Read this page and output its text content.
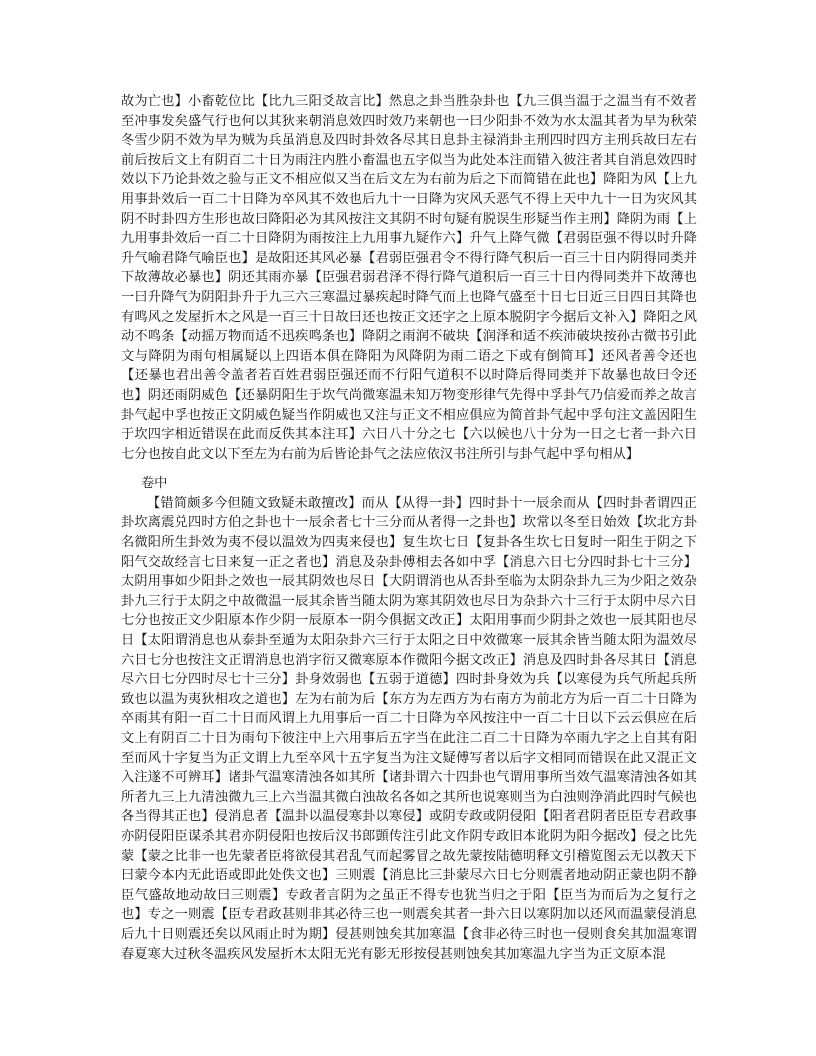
故为亡也】小畜乾位比【比九三阳爻故言比】然息之卦当胜杂卦也【九三俱当温于之温当有不效者至冲事发矣盛气行也何以其狄来朝消息效四时效乃来朝也一曰少阳卦不效为水太温其者为早为秋荣冬雪少阴不效为早为贼为兵虽消息及四时卦效各尽其日息卦主禄消卦主刑四时四方主刑兵故曰左右前后按后文上有阴百二十日为雨注内胜小畜温也五字似当为此处本注而错入彼注者其自消息效四时效以下乃论卦效之验与正文不相应似又当在后文左为右前为后之下而简错在此也】降阳为风【上九用事卦效后一百二十日降为卒风其不效也后九十一日降为灾风夭恶气不得上天中九十一日为灾风其阴不时卦四方生形也故曰降阳必为其风按注文其阴不时句疑有脱误生形疑当作主刑】降阴为雨【上九用事卦效后一百二十日降阴为雨按注上九用事九疑作六】升气上降气微【君弱臣强不得以时升降升气喻君降气喻臣也】是故阳还其风必暴【君弱臣强君令不得行降气积后一百三十日内阴得同类并下故薄故必暴也】阴还其雨亦暴【臣强君弱君泽不得行降气道积后一百三十日内得同类并下故薄也一曰升降气为阴阳卦升于九三六三寒温过暴疾起时降气而上也降气盛至十日七日近三日四日其降也有鸣风之发屋折木之风是一百三十日故曰还也按正文还字之上原本脱阴字今据后文补入】降阳之风动不鸣条【动摇万物而适不迅疾鸣条也】降阴之雨润不破块【润泽和适不疾沛破块按孙古微书引此文与降阴为雨句相属疑以上四语本俱在降阳为风降阴为雨二语之下或有倒简耳】还风者善令还也【还暴也君出善令盖者若百姓君弱臣强还而不行阳气道积不以时降后得同类并下故暴也故曰令还也】阴还雨阴威色【还暴阴阳生于坎气尚微寒温未知万物变形律气先得中孚卦气乃信爱而养之故言卦气起中孚也按正文阴威色疑当作阴威也又注与正文不相应俱应为简首卦气起中孚句注文盖因阳生于坎四字相近错误在此而反佚其本注耳】六日八十分之七【六以候也八十分为一日之七者一卦六日七分也按自此文以下至左为右前为后皆论卦气之法应依汉书注所引与卦气起中孚句相从】

卷中

【错简颇多今但随文致疑未敢擅改】而从【从得一卦】四时卦十一辰余而从【四时卦者谓四正卦坎离震兑四时方伯之卦也十一辰余者七十三分而从者得一之卦也】坎常以冬至日始效【坎北方卦名微阳所生卦效为夷不侵以温效为四夷来侵也】复生坎七日【复卦各生坎七日复时一阳生于阴之下阳气交故经言七日来复一正之者也】消息及杂卦傅相去各如中孚【消息六日七分四时卦七十三分】太阴用事如少阳卦之效也一辰其阴效也尽日【大阴谓消也从否卦至临为太阴杂卦九三为少阳之效杂卦九三行于太阴之中故微温一辰其余皆当随太阴为寒其阴效也尽日为杂卦六十三行于太阴中尽六日七分也按正文少阳原本作少阴一辰原本一阴今俱据文改正】太阳用事而少阴卦之效也一辰其阳也尽日【太阳谓消息也从泰卦至遁为太阳杂卦六三行于太阳之日中效微寒一辰其余皆当随太阳为温效尽六日七分也按注文正谓消息也消字衍又微寒原本作微阳今据文改正】消息及四时卦各尽其日【消息尽六日七分四时尽七十三分】卦身效弱也【五弱于道德】四时卦身效为兵【以寒侵为兵气所起兵所致也以温为夷狄相攻之道也】左为右前为后【东方为左西方为右南方为前北方为后一百二十日降为卒雨其有阳一百二十日而风谓上九用事后一百二十日降为卒风按注中一百二十日以下云云俱应在后文上有阴百二十日为雨句下彼注中上六用事后五字当在此注二百二十日降为卒雨九字之上自其有阳至而风十字复当为正文谓上九至卒风十五字复当为注文疑傅写者以后字文相同而错误在此又混正文入注遂不可辨耳】诸卦气温寒清浊各如其所【诸卦谓六十四卦也气谓用事所当效气温寒清浊各如其所者九三上九清浊微九三上六当温其微白浊故名各如之其所也说寒则当为白浊则浄消此四时气候也各当得其正也】侵消息者【温卦以温侵寒卦以寒侵】或阴专政或阴侵阳【阳者君阴者臣臣专君政事亦阴侵阳臣谋杀其君亦阴侵阳也按后汉书郎顗传注引此文作阴专政旧本讹阴为阳今据改】侵之比先蒙【蒙之比非一也先蒙者臣将欲侵其君乱气而起雾冒之故先蒙按陆德明释文引稽览图云无以教天下曰蒙今本内无此语或即此处佚文也】三则震【消息比三卦蒙尽六日七分则震者地动阴正蒙也阴不静臣气盛故地动故曰三则震】专政者言阴为之虽正不得专也犹当归之于阳【臣当为而后为之复行之也】专之一则震【臣专君政甚则非其必待三也一则震矣其者一卦六日以寒阴加以还风而温蒙侵消息后九十日则震还矣以风雨止时为期】侵甚则蚀矣其加寒温【食非必待三时也一侵则食矣其加温寒谓春夏寒大过秋冬温疾风发屋折木太阳无光有影无形按侵甚则蚀矣其加寒温九字当为正文原本混
